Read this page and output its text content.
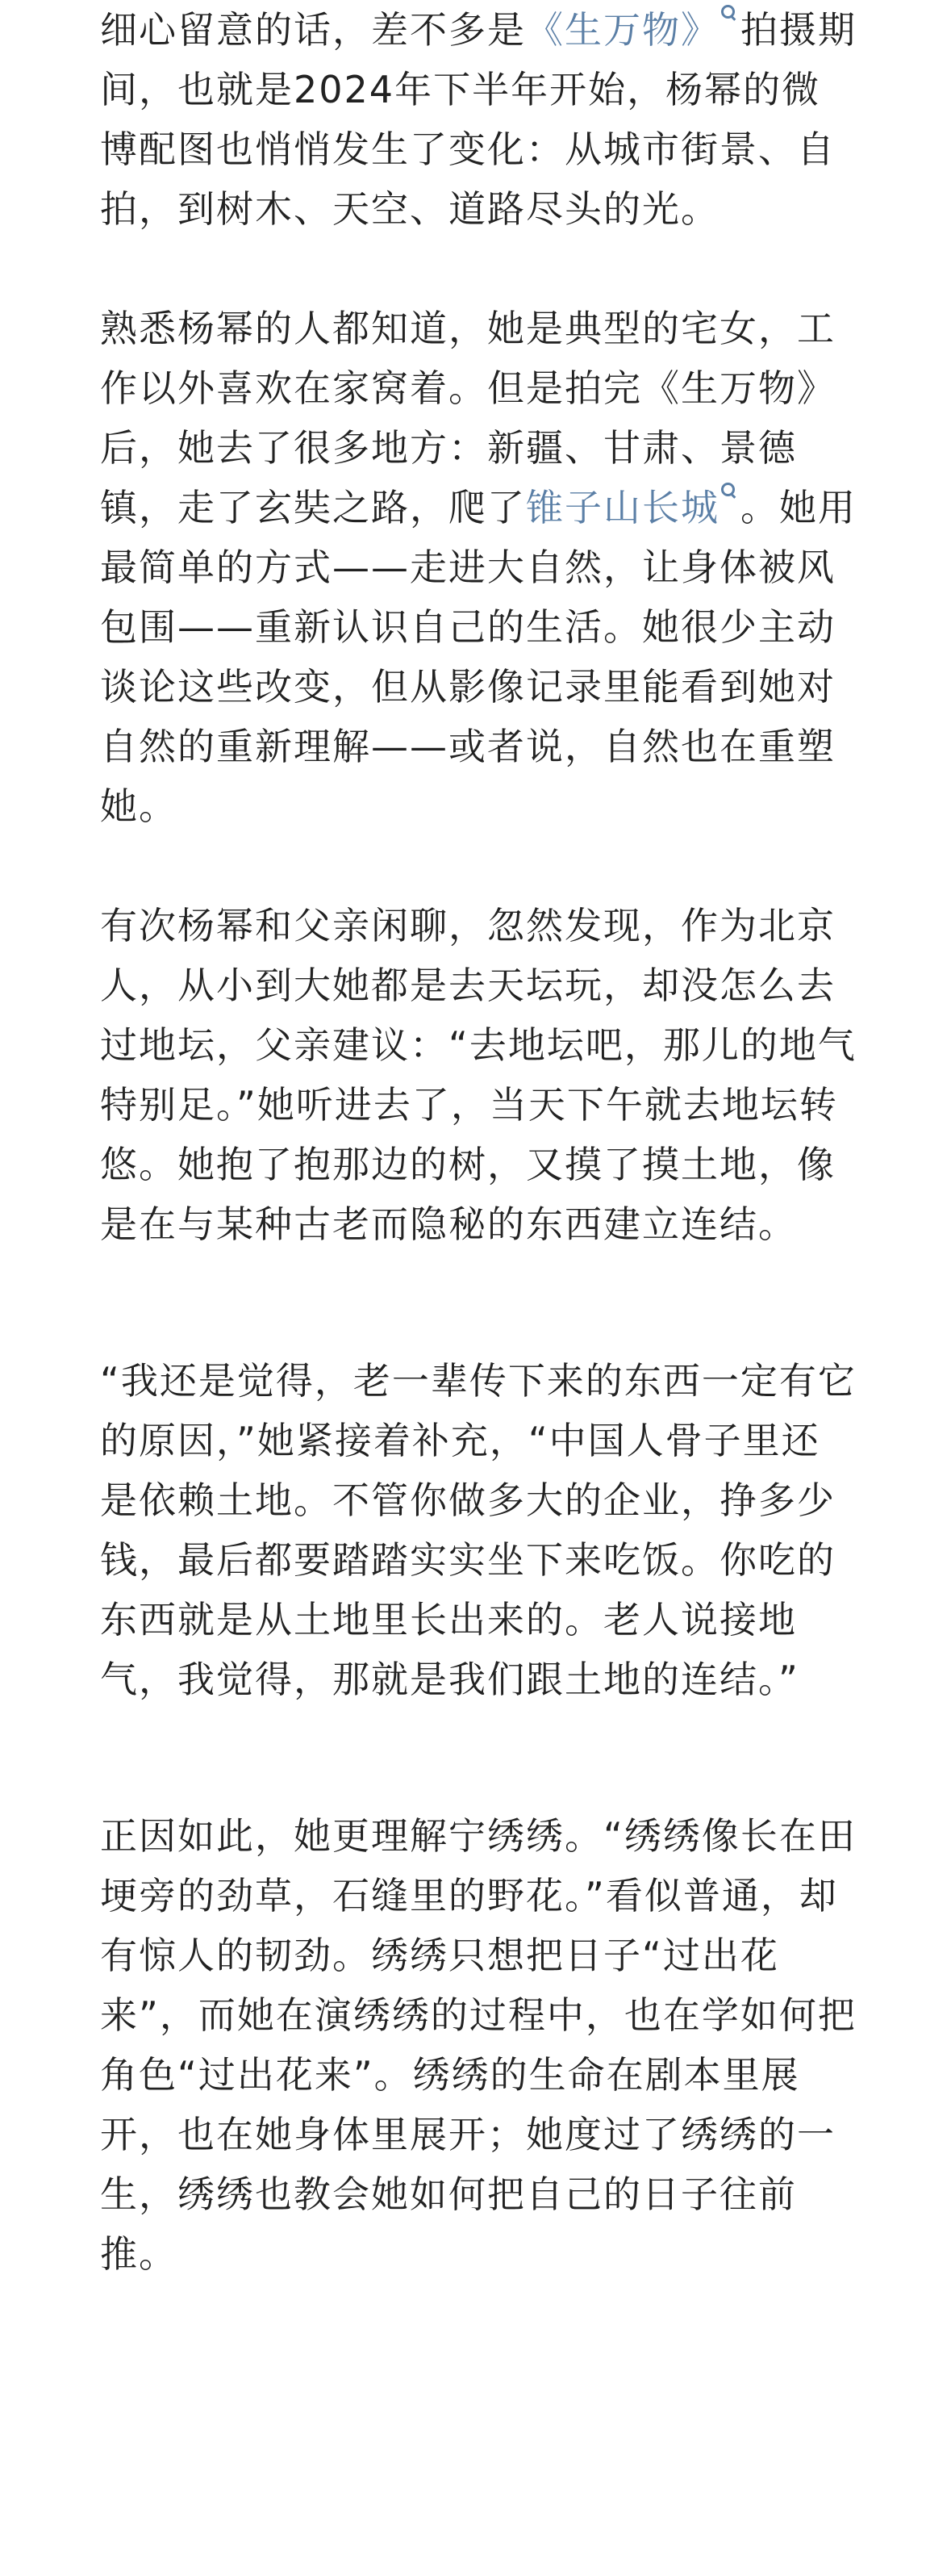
细心留意的话，差不多是《生万物》 拍摄期间，也就是2024年下半年开始，杨幂的微博配图也悄悄发生了变化：从城市街景、自拍，到树木、天空、道路尽头的光。

熟悉杨幂的人都知道，她是典型的宅女，工作以外喜欢在家窝着。但是拍完《生万物》后，她去了很多地方：新疆、甘肃、景德镇，走了玄奘之路，爬了锥子山长城 。她用最简单的方式——走进大自然，让身体被风包围——重新认识自己的生活。她很少主动谈论这些改变，但从影像记录里能看到她对自然的重新理解——或者说，自然也在重塑她。

有次杨幂和父亲闲聊，忽然发现，作为北京人，从小到大她都是去天坛玩，却没怎么去过地坛，父亲建议：“去地坛吧，那儿的地气特别足。”她听进去了，当天下午就去地坛转悠。她抱了抱那边的树，又摸了摸土地，像是在与某种古老而隐秘的东西建立连结。

“我还是觉得，老一辈传下来的东西一定有它的原因，”她紧接着补充，“中国人骨子里还是依赖土地。不管你做多大的企业，挣多少钱，最后都要踏踏实实坐下来吃饭。你吃的东西就是从土地里长出来的。老人说接地气，我觉得，那就是我们跟土地的连结。”

正因如此，她更理解宁绣绣。“绣绣像长在田埂旁的劲草，石缝里的野花。”看似普通，却有惊人的韧劲。绣绣只想把日子“过出花来”，而她在演绣绣的过程中，也在学如何把角色“过出花来”。绣绣的生命在剧本里展开，也在她身体里展开；她度过了绣绣的一生，绣绣也教会她如何把自己的日子往前推。
